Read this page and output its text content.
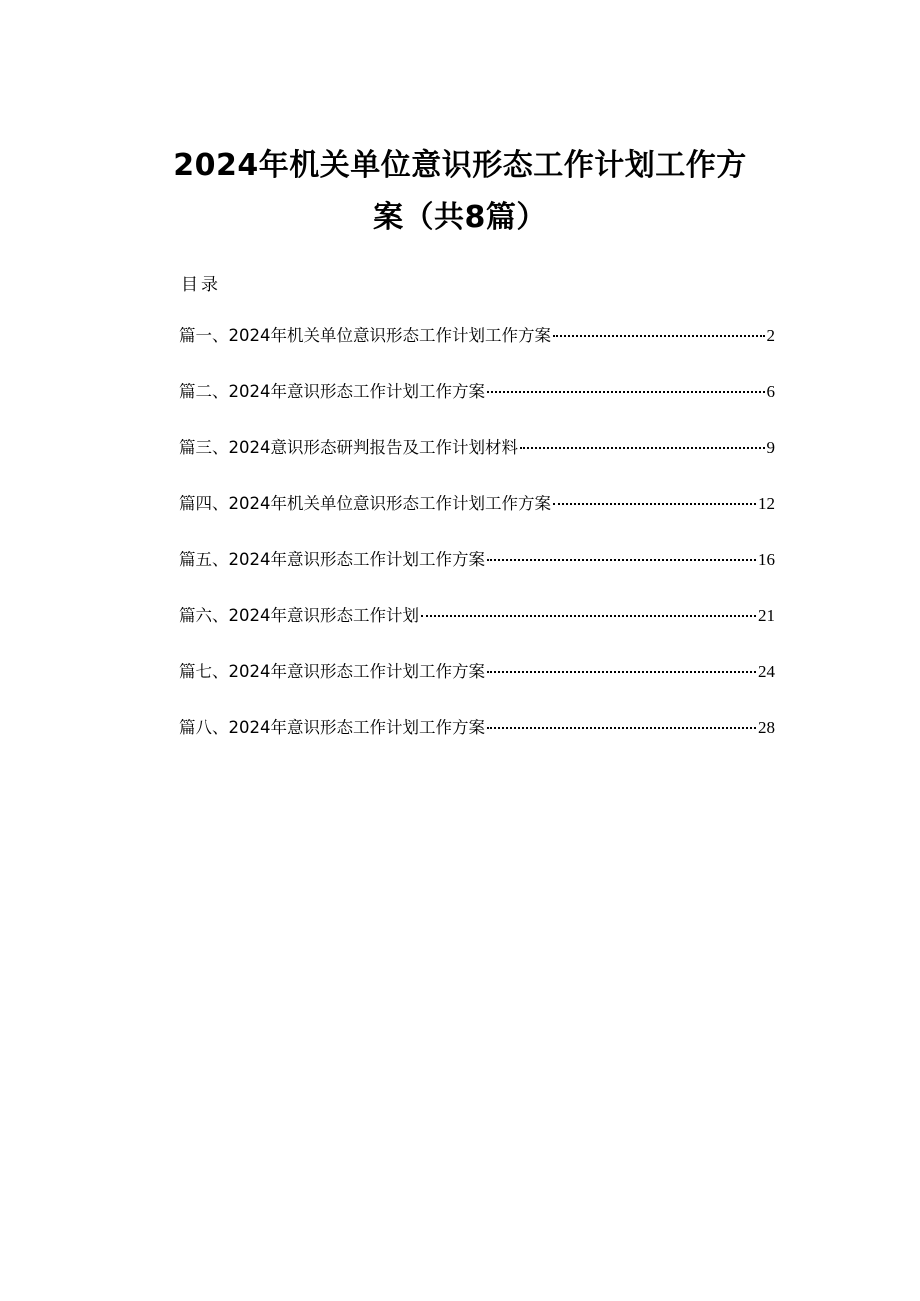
2024年机关单位意识形态工作计划工作方
案（共8篇）
目录
篇一、2024年机关单位意识形态工作计划工作方案	2
篇二、2024年意识形态工作计划工作方案	6
篇三、2024意识形态研判报告及工作计划材料	9
篇四、2024年机关单位意识形态工作计划工作方案	12
篇五、2024年意识形态工作计划工作方案	16
篇六、2024年意识形态工作计划	21
篇七、2024年意识形态工作计划工作方案	24
篇八、2024年意识形态工作计划工作方案	28
